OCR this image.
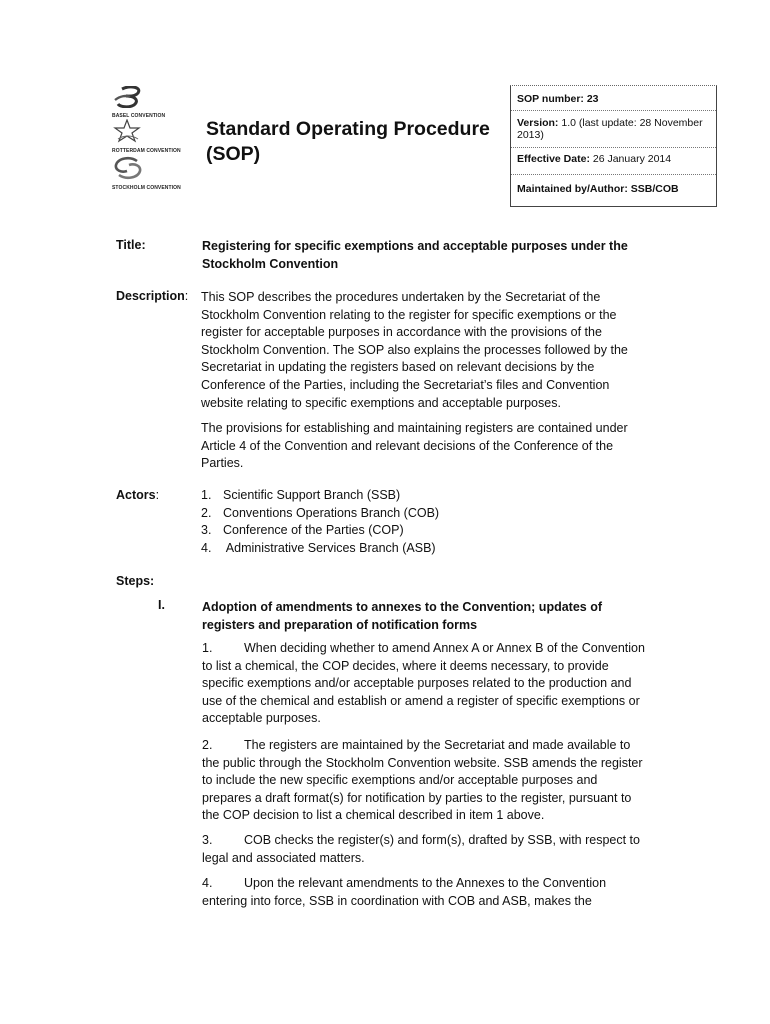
BASEL CONVENTION
ROTTERDAM CONVENTION
STOCKHOLM CONVENTION
Standard Operating Procedure
(SOP)
SOP number: 23
Version: 1.0 (last update: 28 November 2013)
Effective Date: 26 January 2014
Maintained by/Author: SSB/COB
Title:	Registering for specific exemptions and acceptable purposes under the Stockholm Convention
Description: This SOP describes the procedures undertaken by the Secretariat of the Stockholm Convention relating to the register for specific exemptions or the register for acceptable purposes in accordance with the provisions of the Stockholm Convention. The SOP also explains the processes followed by the Secretariat in updating the registers based on relevant decisions by the Conference of the Parties, including the Secretariat’s files and Convention website relating to specific exemptions and acceptable purposes.
The provisions for establishing and maintaining registers are contained under Article 4 of the Convention and relevant decisions of the Conference of the Parties.
Actors:	1. Scientific Support Branch (SSB)
2. Conventions Operations Branch (COB)
3. Conference of the Parties (COP)
4. Administrative Services Branch (ASB)
Steps:
I.	Adoption of amendments to annexes to the Convention; updates of registers and preparation of notification forms
1.	When deciding whether to amend Annex A or Annex B of the Convention to list a chemical, the COP decides, where it deems necessary, to provide specific exemptions and/or acceptable purposes related to the production and use of the chemical and establish or amend a register of specific exemptions or acceptable purposes.
2.	The registers are maintained by the Secretariat and made available to the public through the Stockholm Convention website. SSB amends the register to include the new specific exemptions and/or acceptable purposes and prepares a draft format(s) for notification by parties to the register, pursuant to the COP decision to list a chemical described in item 1 above.
3.	COB checks the register(s) and form(s), drafted by SSB, with respect to legal and associated matters.
4.	Upon the relevant amendments to the Annexes to the Convention entering into force, SSB in coordination with COB and ASB, makes the
